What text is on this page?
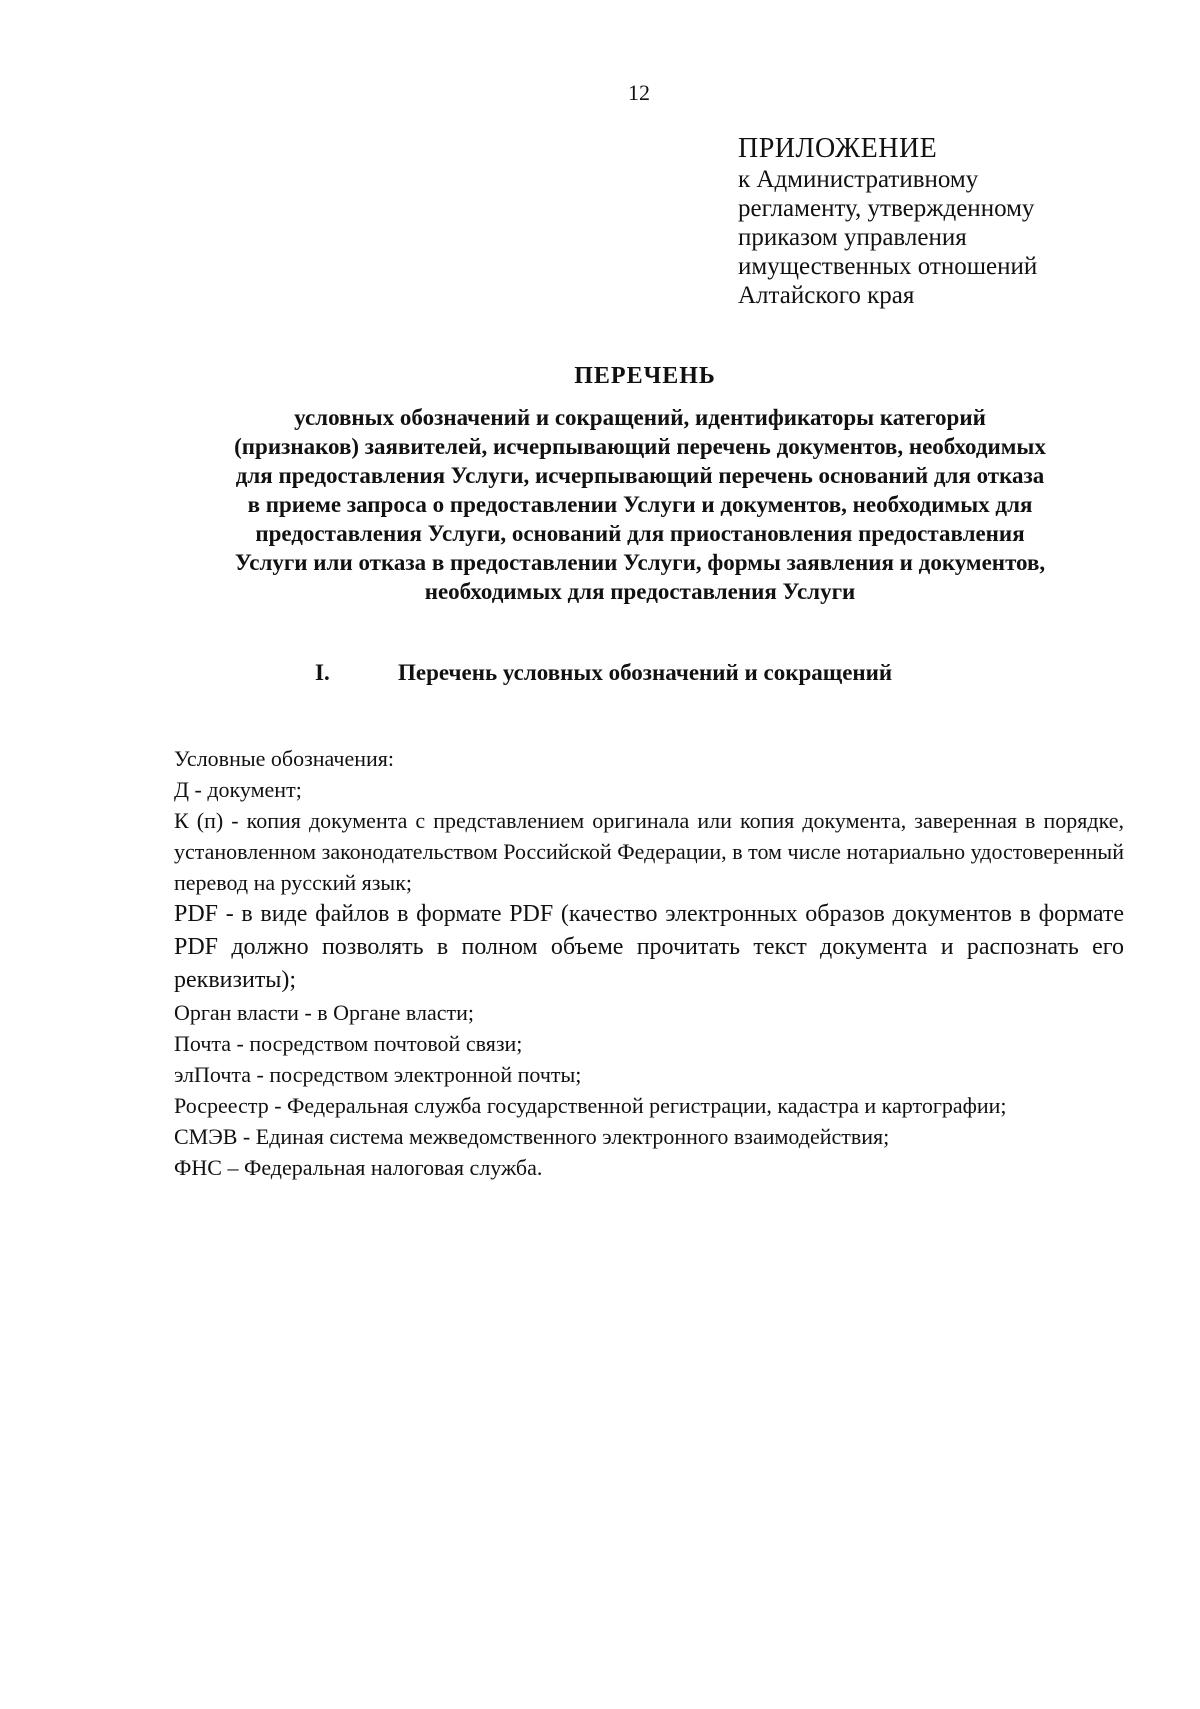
12
ПРИЛОЖЕНИЕ
к Административному
регламенту, утвержденному
приказом управления
имущественных отношений
Алтайского края
ПЕРЕЧЕНЬ
условных обозначений и сокращений, идентификаторы категорий
(признаков) заявителей, исчерпывающий перечень документов, необходимых
для предоставления Услуги, исчерпывающий перечень оснований для отказа
в приеме запроса о предоставлении Услуги и документов, необходимых для
предоставления Услуги, оснований для приостановления предоставления
Услуги или отказа в предоставлении Услуги, формы заявления и документов,
необходимых для предоставления Услуги
I.	Перечень условных обозначений и сокращений
Условные обозначения:
Д - документ;
К (п) - копия документа с представлением оригинала или копия документа, заверенная в порядке, установленном законодательством Российской Федерации, в том числе нотариально удостоверенный перевод на русский язык;
PDF - в виде файлов в формате PDF (качество электронных образов документов в формате PDF должно позволять в полном объеме прочитать текст документа и распознать его реквизиты);
Орган власти - в Органе власти;
Почта - посредством почтовой связи;
элПочта - посредством электронной почты;
Росреестр - Федеральная служба государственной регистрации, кадастра и картографии;
СМЭВ - Единая система межведомственного электронного взаимодействия;
ФНС – Федеральная налоговая служба.
